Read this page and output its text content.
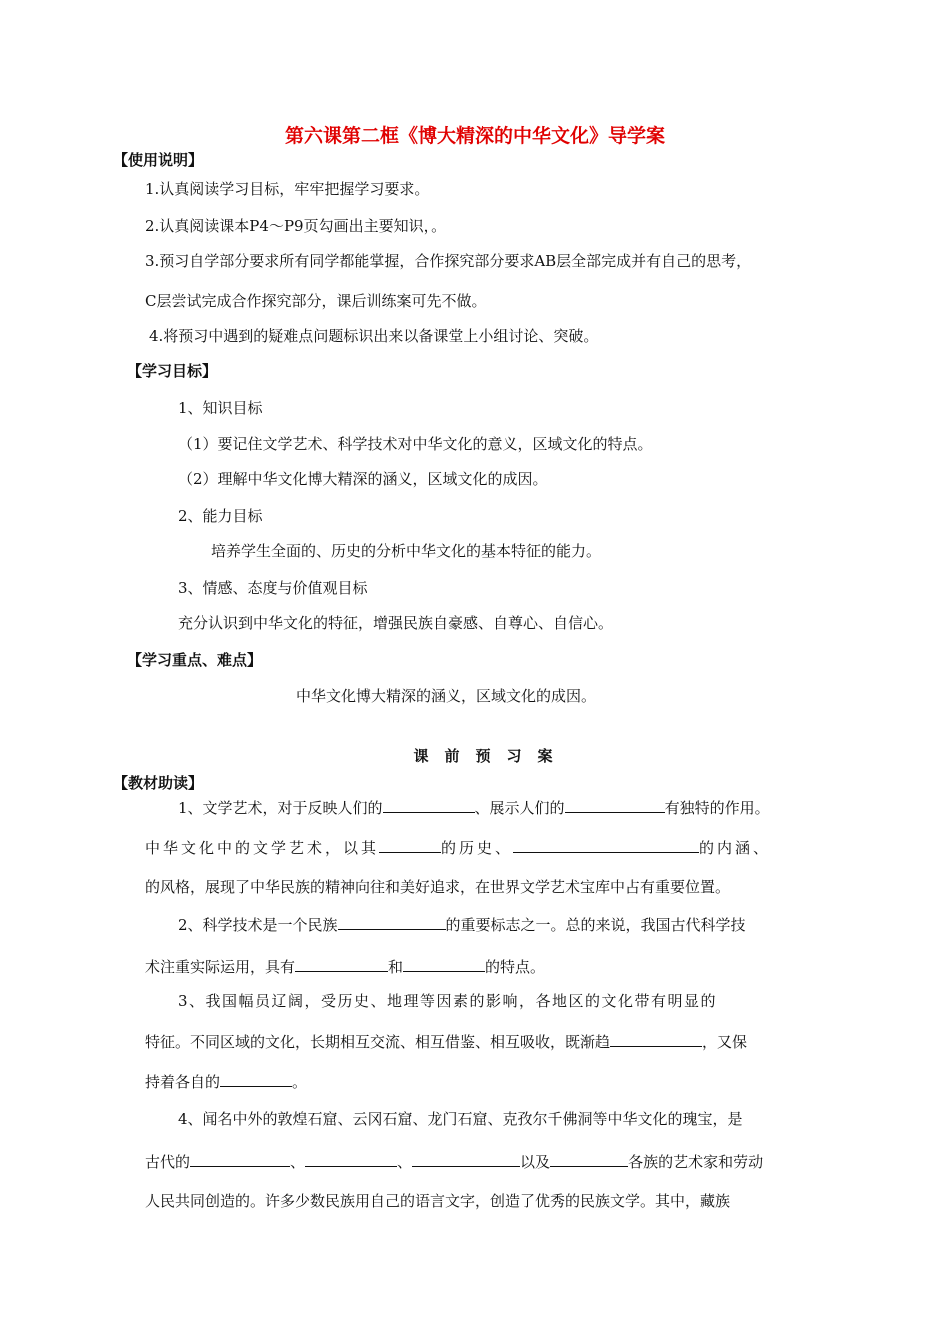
第六课第二框《博大精深的中华文化》导学案
【使用说明】
1.认真阅读学习目标，牢牢把握学习要求。
2.认真阅读课本P4～P9页勾画出主要知识，。
3.预习自学部分要求所有同学都能掌握，合作探究部分要求AB层全部完成并有自己的思考，
C层尝试完成合作探究部分，课后训练案可先不做。
4.将预习中遇到的疑难点问题标识出来以备课堂上小组讨论、突破。
【学习目标】
1、知识目标
（1）要记住文学艺术、科学技术对中华文化的意义，区域文化的特点。
（2）理解中华文化博大精深的涵义，区域文化的成因。
2、能力目标
培养学生全面的、历史的分析中华文化的基本特征的能力。
3、情感、态度与价值观目标
充分认识到中华文化的特征，增强民族自豪感、自尊心、自信心。
【学习重点、难点】
中华文化博大精深的涵义，区域文化的成因。
课前预习案
【教材助读】
1、文学艺术，对于反映人们的	、展示人们的	有独特的作用。
中华文化中的文学艺术，以其	的历史、	的内涵、
的风格，展现了中华民族的精神向往和美好追求，在世界文学艺术宝库中占有重要位置。
2、科学技术是一个民族	的重要标志之一。总的来说，我国古代科学技
术注重实际运用，具有	和	的特点。
3、我国幅员辽阔，受历史、地理等因素的影响，各地区的文化带有明显的
特征。不同区域的文化，长期相互交流、相互借鉴、相互吸收，既渐趋	，又保
持着各自的	。
4、闻名中外的敦煌石窟、云冈石窟、龙门石窟、克孜尔千佛洞等中华文化的瑰宝，是
古代的	、	、	以及	各族的艺术家和劳动
人民共同创造的。许多少数民族用自己的语言文字，创造了优秀的民族文学。其中，藏族
